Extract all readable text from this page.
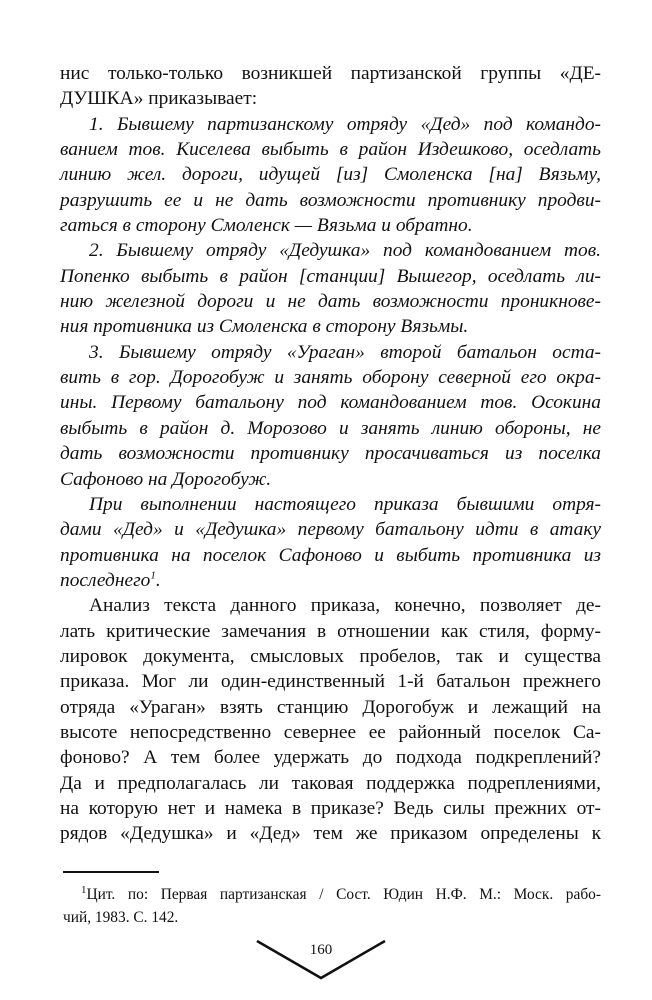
нис только-только возникшей партизанской группы «ДЕ-
ДУШКА» приказывает:
1. Бывшему партизанскому отряду «Дед» под командо-
ванием тов. Киселева выбыть в район Издешково, оседлать
линию жел. дороги, идущей [из] Смоленска [на] Вязьму,
разрушить ее и не дать возможности противнику продви-
гаться в сторону Смоленск — Вязьма и обратно.
2. Бывшему отряду «Дедушка» под командованием тов.
Попенко выбыть в район [станции] Вышегор, оседлать ли-
нию железной дороги и не дать возможности проникнове-
ния противника из Смоленска в сторону Вязьмы.
3. Бывшему отряду «Ураган» второй батальон оста-
вить в гор. Дорогобуж и занять оборону северной его окра-
ины. Первому батальону под командованием тов. Осокина
выбыть в район д. Морозово и занять линию обороны, не
дать возможности противнику просачиваться из поселка
Сафоново на Дорогобуж.
При выполнении настоящего приказа бывшими отря-
дами «Дед» и «Дедушка» первому батальону идти в атаку
противника на поселок Сафоново и выбить противника из
последнего$^1$.
Анализ текста данного приказа, конечно, позволяет де-
лать критические замечания в отношении как стиля, форму-
лировок документа, смысловых пробелов, так и существа
приказа. Мог ли один-единственный 1-й батальон прежнего
отряда «Ураган» взять станцию Дорогобуж и лежащий на
высоте непосредственно севернее ее районный поселок Са-
фоново? А тем более удержать до подхода подкреплений?
Да и предполагалась ли таковая поддержка подреплениями,
на которую нет и намека в приказе? Ведь силы прежних от-
рядов «Дедушка» и «Дед» тем же приказом определены к
$^1$Цит. по: Первая партизанская / Сост. Юдин Н.Ф. М.: Моск. рабо-
чий, 1983. С. 142.
160
